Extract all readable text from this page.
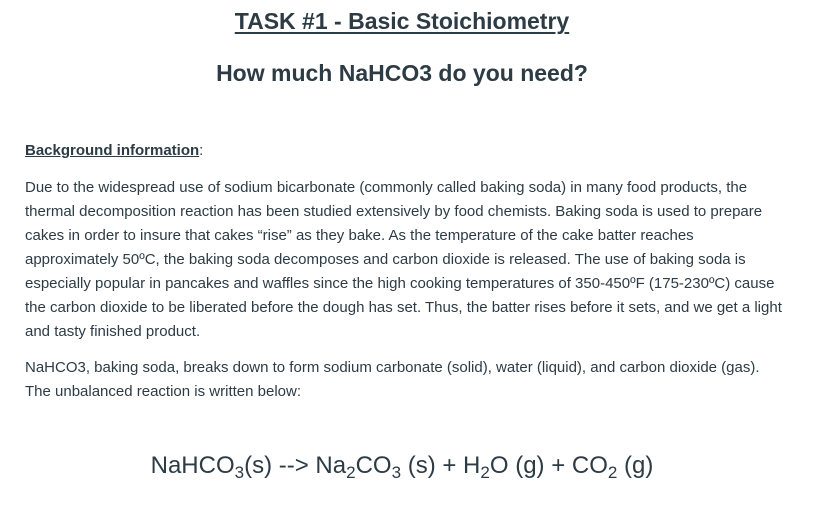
TASK #1 - Basic Stoichiometry
How much NaHCO3 do you need?

Background information:

Due to the widespread use of sodium bicarbonate (commonly called baking soda) in many food products, the thermal decomposition reaction has been studied extensively by food chemists. Baking soda is used to prepare cakes in order to insure that cakes “rise” as they bake. As the temperature of the cake batter reaches approximately 50ºC, the baking soda decomposes and carbon dioxide is released. The use of baking soda is especially popular in pancakes and waffles since the high cooking temperatures of 350-450ºF (175-230ºC) cause the carbon dioxide to be liberated before the dough has set. Thus, the batter rises before it sets, and we get a light and tasty finished product.

NaHCO3, baking soda, breaks down to form sodium carbonate (solid), water (liquid), and carbon dioxide (gas). The unbalanced reaction is written below:

NaHCO$_3$(s) --> $Na_2CO_3$ $(s) + H_2O$ $(g) + CO_2$ (g)
